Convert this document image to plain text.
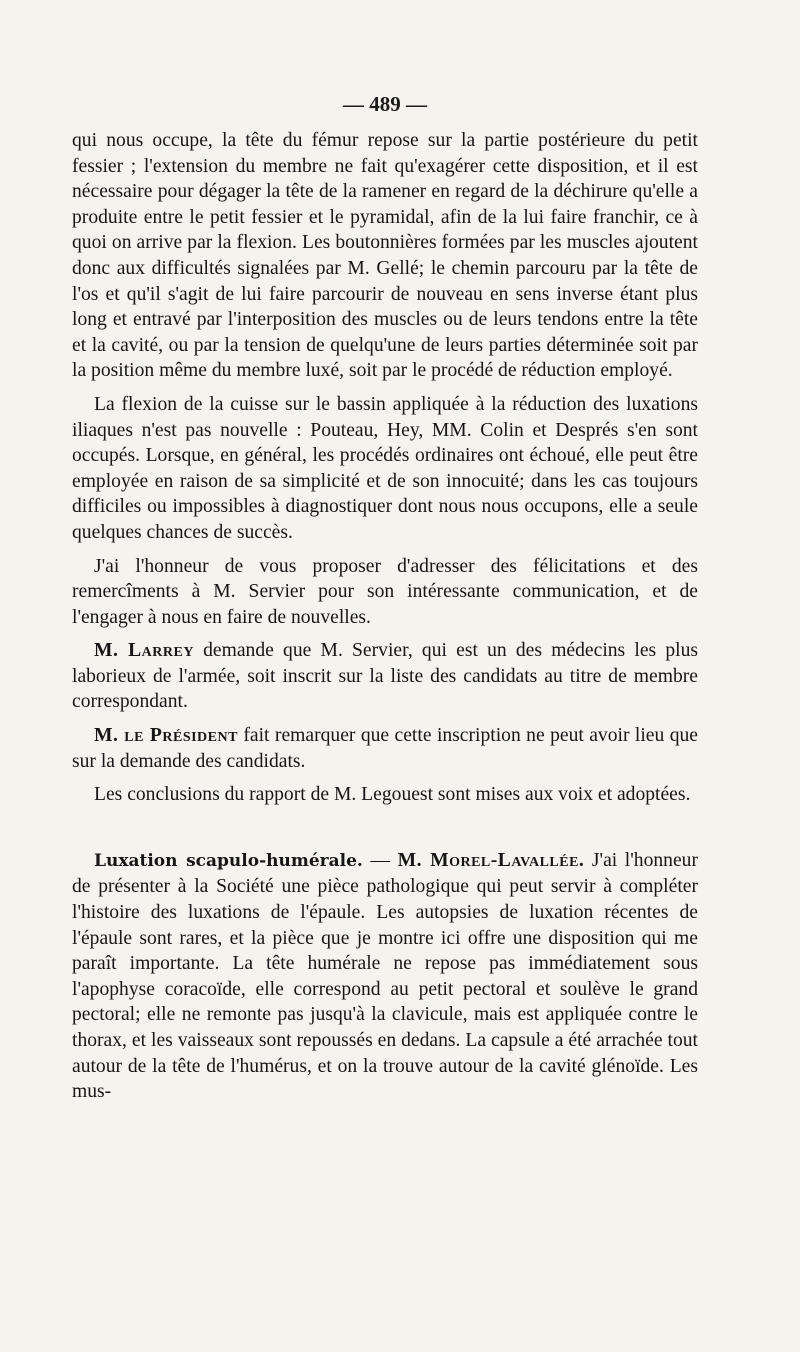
— 489 —

qui nous occupe, la tête du fémur repose sur la partie postérieure du petit fessier ; l'extension du membre ne fait qu'exagérer cette disposition, et il est nécessaire pour dégager la tête de la ramener en regard de la déchirure qu'elle a produite entre le petit fessier et le pyramidal, afin de la lui faire franchir, ce à quoi on arrive par la flexion. Les boutonnières formées par les muscles ajoutent donc aux difficultés signalées par M. Gellé; le chemin parcouru par la tête de l'os et qu'il s'agit de lui faire parcourir de nouveau en sens inverse étant plus long et entravé par l'interposition des muscles ou de leurs tendons entre la tête et la cavité, ou par la tension de quelqu'une de leurs parties déterminée soit par la position même du membre luxé, soit par le procédé de réduction employé.

La flexion de la cuisse sur le bassin appliquée à la réduction des luxations iliaques n'est pas nouvelle : Pouteau, Hey, MM. Colin et Després s'en sont occupés. Lorsque, en général, les procédés ordinaires ont échoué, elle peut être employée en raison de sa simplicité et de son innocuité; dans les cas toujours difficiles ou impossibles à diagnostiquer dont nous nous occupons, elle a seule quelques chances de succès.

J'ai l'honneur de vous proposer d'adresser des félicitations et des remercîments à M. Servier pour son intéressante communication, et de l'engager à nous en faire de nouvelles.

M. Larrey demande que M. Servier, qui est un des médecins les plus laborieux de l'armée, soit inscrit sur la liste des candidats au titre de membre correspondant.

M. le Président fait remarquer que cette inscription ne peut avoir lieu que sur la demande des candidats.

Les conclusions du rapport de M. Legouest sont mises aux voix et adoptées.

Luxation scapulo-humérale. — M. Morel-Lavallée. J'ai l'honneur de présenter à la Société une pièce pathologique qui peut servir à compléter l'histoire des luxations de l'épaule. Les autopsies de luxation récentes de l'épaule sont rares, et la pièce que je montre ici offre une disposition qui me paraît importante. La tête humérale ne repose pas immédiatement sous l'apophyse coracoïde, elle correspond au petit pectoral et soulève le grand pectoral; elle ne remonte pas jusqu'à la clavicule, mais est appliquée contre le thorax, et les vaisseaux sont repoussés en dedans. La capsule a été arrachée tout autour de la tête de l'humérus, et on la trouve autour de la cavité glénoïde. Les mus-
